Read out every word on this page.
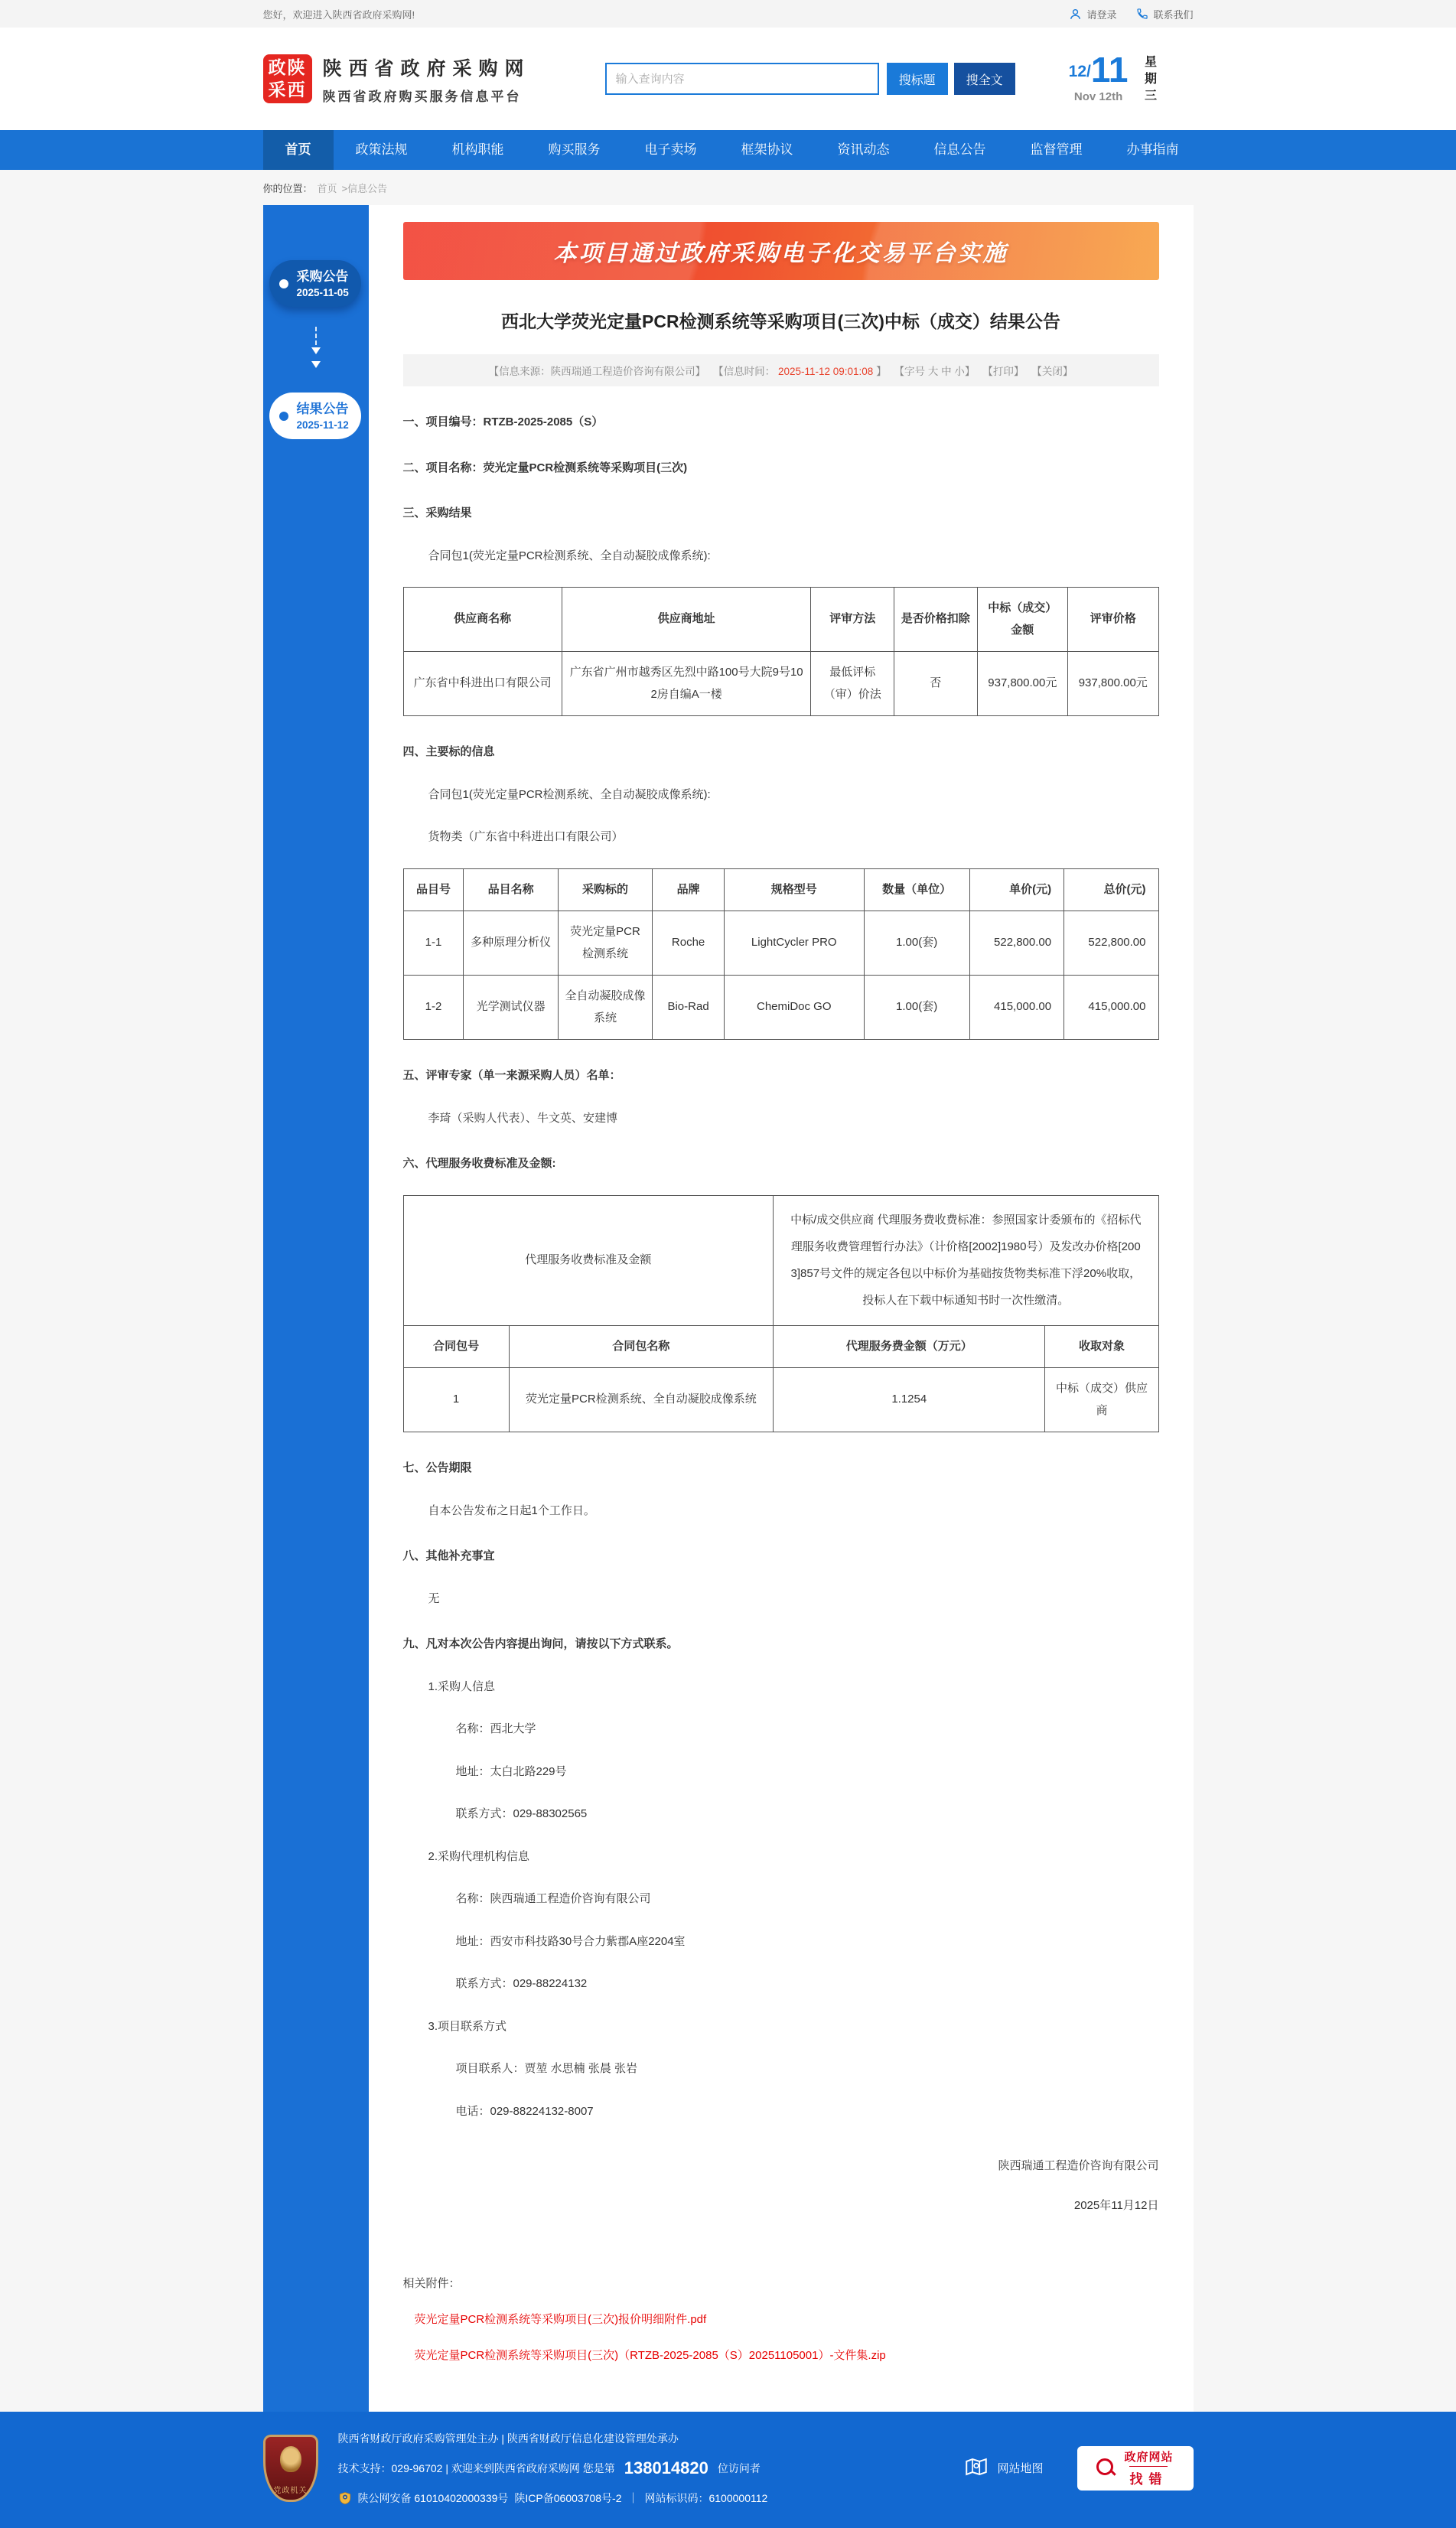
您好，欢迎进入陕西省政府采购网!	请登录	联系我们
政陕
采西
陕西省政府采购网
陕西省政府购买服务信息平台
输入查询内容
搜标题	搜全文	12/ 11
Nov 12th	星期三
首页	政策法规	机构职能	购买服务	电子卖场	框架协议	资讯动态	信息公告	监督管理	办事指南
你的位置： 首页 >信息公告
采购公告
2025-11-05
结果公告
2025-11-12
本项目通过政府采购电子化交易平台实施
西北大学荧光定量PCR检测系统等采购项目(三次)中标（成交）结果公告
【信息来源：陕西瑞通工程造价咨询有限公司】 【信息时间： 2025-11-12 09:01:08 】 【字号 大 中 小】 【打印】 【关闭】
一、项目编号：RTZB-2025-2085（S）
二、项目名称：荧光定量PCR检测系统等采购项目(三次)
三、采购结果
合同包1(荧光定量PCR检测系统、全自动凝胶成像系统):
供应商名称	供应商地址	评审方法	是否价格扣除	中标（成交）金额	评审价格
广东省中科进出口有限公司	广东省广州市越秀区先烈中路100号大院9号102房自编A一楼	最低评标（审）价法	否	937,800.00元	937,800.00元
四、主要标的信息
合同包1(荧光定量PCR检测系统、全自动凝胶成像系统):
货物类（广东省中科进出口有限公司）
品目号	品目名称	采购标的	品牌	规格型号	数量（单位）	单价(元)	总价(元)
1-1	多种原理分析仪	荧光定量PCR检测系统	Roche	LightCycler PRO	1.00(套)	522,800.00	522,800.00
1-2	光学测试仪器	全自动凝胶成像系统	Bio-Rad	ChemiDoc GO	1.00(套)	415,000.00	415,000.00
五、评审专家（单一来源采购人员）名单：
李琦（采购人代表）、牛文英、安建博
六、代理服务收费标准及金额:
代理服务收费标准及金额		中标/成交供应商 代理服务费收费标准：参照国家计委颁布的《招标代理服务收费管理暂行办法》（计价格[2002]1980号）及发改办价格[2003]857号文件的规定各包以中标价为基础按货物类标准下浮20%收取，投标人在下载中标通知书时一次性缴清。	
合同包号	合同包名称	代理服务费金额（万元）	收取对象
1	荧光定量PCR检测系统、全自动凝胶成像系统	1.1254	中标（成交）供应商
七、公告期限
自本公告发布之日起1个工作日。
八、其他补充事宜
无
九、凡对本次公告内容提出询问，请按以下方式联系。
1.采购人信息
名称：西北大学
地址：太白北路229号
联系方式：029-88302565
2.采购代理机构信息
名称：陕西瑞通工程造价咨询有限公司
地址：西安市科技路30号合力紫郡A座2204室
联系方式：029-88224132
3.项目联系方式
项目联系人：贾堃 水思楠 张晨 张岩
电话：029-88224132-8007
陕西瑞通工程造价咨询有限公司
2025年11月12日
相关附件：
荧光定量PCR检测系统等采购项目(三次)报价明细附件.pdf
荧光定量PCR检测系统等采购项目(三次)（RTZB-2025-2085（S）20251105001）-文件集.zip
党政机关
陕西省财政厅政府采购管理处主办 | 陕西省财政厅信息化建设管理处承办
技术支持：029-96702 | 欢迎来到陕西省政府采购网 您是第 138014820 位访问者
陕公网安备 61010402000339号 陕ICP备06003708号-2 ｜ 网站标识码：6100000112
网站地图
政府网站
找错
